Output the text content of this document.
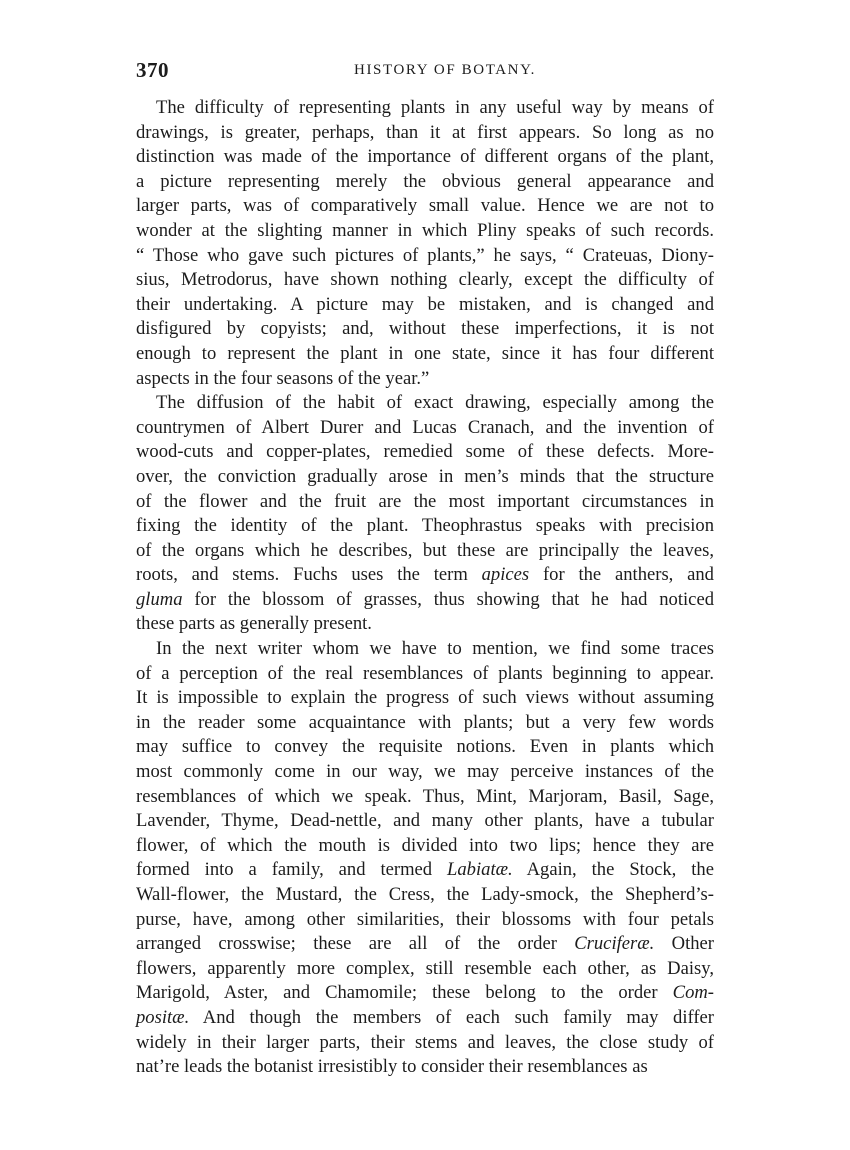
370	HISTORY OF BOTANY.
The difficulty of representing plants in any useful way by means of
drawings, is greater, perhaps, than it at first appears. So long as no
distinction was made of the importance of different organs of the plant,
a picture representing merely the obvious general appearance and
larger parts, was of comparatively small value. Hence we are not to
wonder at the slighting manner in which Pliny speaks of such records.
“ Those who gave such pictures of plants,” he says, “ Crateuas, Diony-
sius, Metrodorus, have shown nothing clearly, except the difficulty of
their undertaking. A picture may be mistaken, and is changed and
disfigured by copyists; and, without these imperfections, it is not
enough to represent the plant in one state, since it has four different
aspects in the four seasons of the year.”
The diffusion of the habit of exact drawing, especially among the
countrymen of Albert Durer and Lucas Cranach, and the invention of
wood-cuts and copper-plates, remedied some of these defects. More-
over, the conviction gradually arose in men’s minds that the structure
of the flower and the fruit are the most important circumstances in
fixing the identity of the plant. Theophrastus speaks with precision
of the organs which he describes, but these are principally the leaves,
roots, and stems. Fuchs uses the term apices for the anthers, and
gluma for the blossom of grasses, thus showing that he had noticed
these parts as generally present.
In the next writer whom we have to mention, we find some traces
of a perception of the real resemblances of plants beginning to appear.
It is impossible to explain the progress of such views without assuming
in the reader some acquaintance with plants; but a very few words
may suffice to convey the requisite notions. Even in plants which
most commonly come in our way, we may perceive instances of the
resemblances of which we speak. Thus, Mint, Marjoram, Basil, Sage,
Lavender, Thyme, Dead-nettle, and many other plants, have a tubular
flower, of which the mouth is divided into two lips; hence they are
formed into a family, and termed Labiatæ. Again, the Stock, the
Wall-flower, the Mustard, the Cress, the Lady-smock, the Shepherd’s-
purse, have, among other similarities, their blossoms with four petals
arranged crosswise; these are all of the order Cruciferæ. Other
flowers, apparently more complex, still resemble each other, as Daisy,
Marigold, Aster, and Chamomile; these belong to the order Com-
positæ. And though the members of each such family may differ
widely in their larger parts, their stems and leaves, the close study of
nat’re leads the botanist irresistibly to consider their resemblances as
